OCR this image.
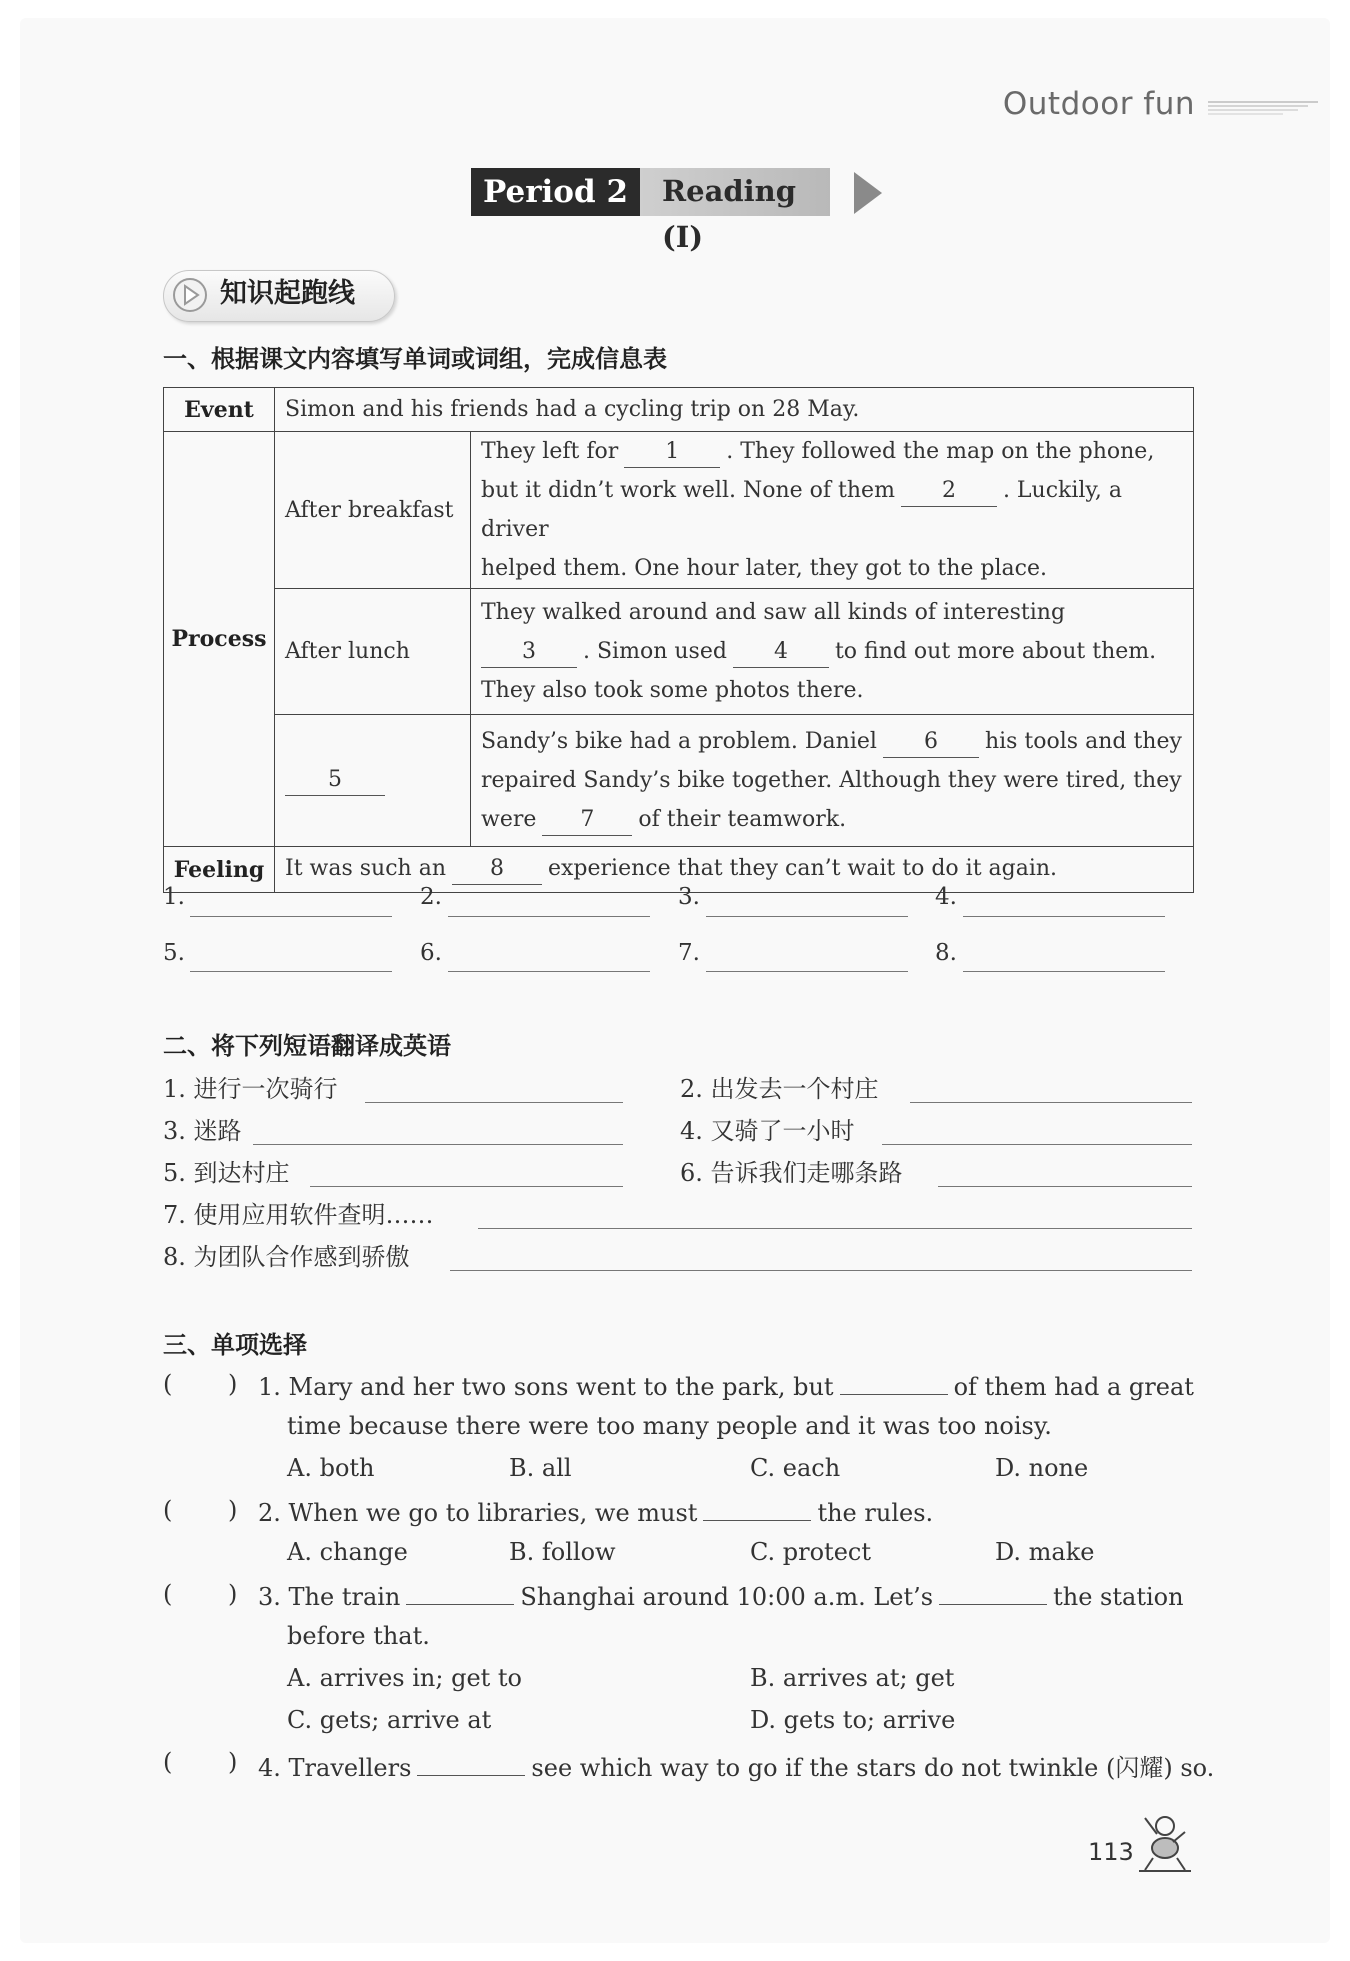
Outdoor fun
Period 2	Reading (I)
知识起跑线
一、根据课文内容填写单词或词组，完成信息表
Event	Simon and his friends had a cycling trip on 28 May.	
Process	After breakfast	They left for 1 . They followed the map on the phone,
but it didn’t work well. None of them 2 . Luckily, a driver
helped them. One hour later, they got to the place.

	After lunch	They walked around and saw all kinds of interesting
3 . Simon used 4 to find out more about them.
They also took some photos there.

	5	Sandy’s bike had a problem. Daniel 6 his tools and they
repaired Sandy’s bike together. Although they were tired, they
were 7 of their teamwork.

Feeling	It was such an 8 experience that they can’t wait to do it again.	
1.	2.	3.	4.
5.	6.	7.	8.
二、将下列短语翻译成英语
1. 进行一次骑行	2. 出发去一个村庄
3. 迷路	4. 又骑了一小时
5. 到达村庄	6. 告诉我们走哪条路
7. 使用应用软件查明……
8. 为团队合作感到骄傲
三、单项选择
( ) 1. Mary and her two sons went to the park, but	of them had a great
time because there were too many people and it was too noisy.
A. both	B. all	C. each	D. none
( ) 2. When we go to libraries, we must	the rules.
A. change	B. follow	C. protect	D. make
( ) 3. The train	Shanghai around 10:00 a.m. Let’s	the station
before that.
A. arrives in; get to	B. arrives at; get
C. gets; arrive at	D. gets to; arrive
( ) 4. Travellers	see which way to go if the stars do not twinkle (闪耀) so.
113
